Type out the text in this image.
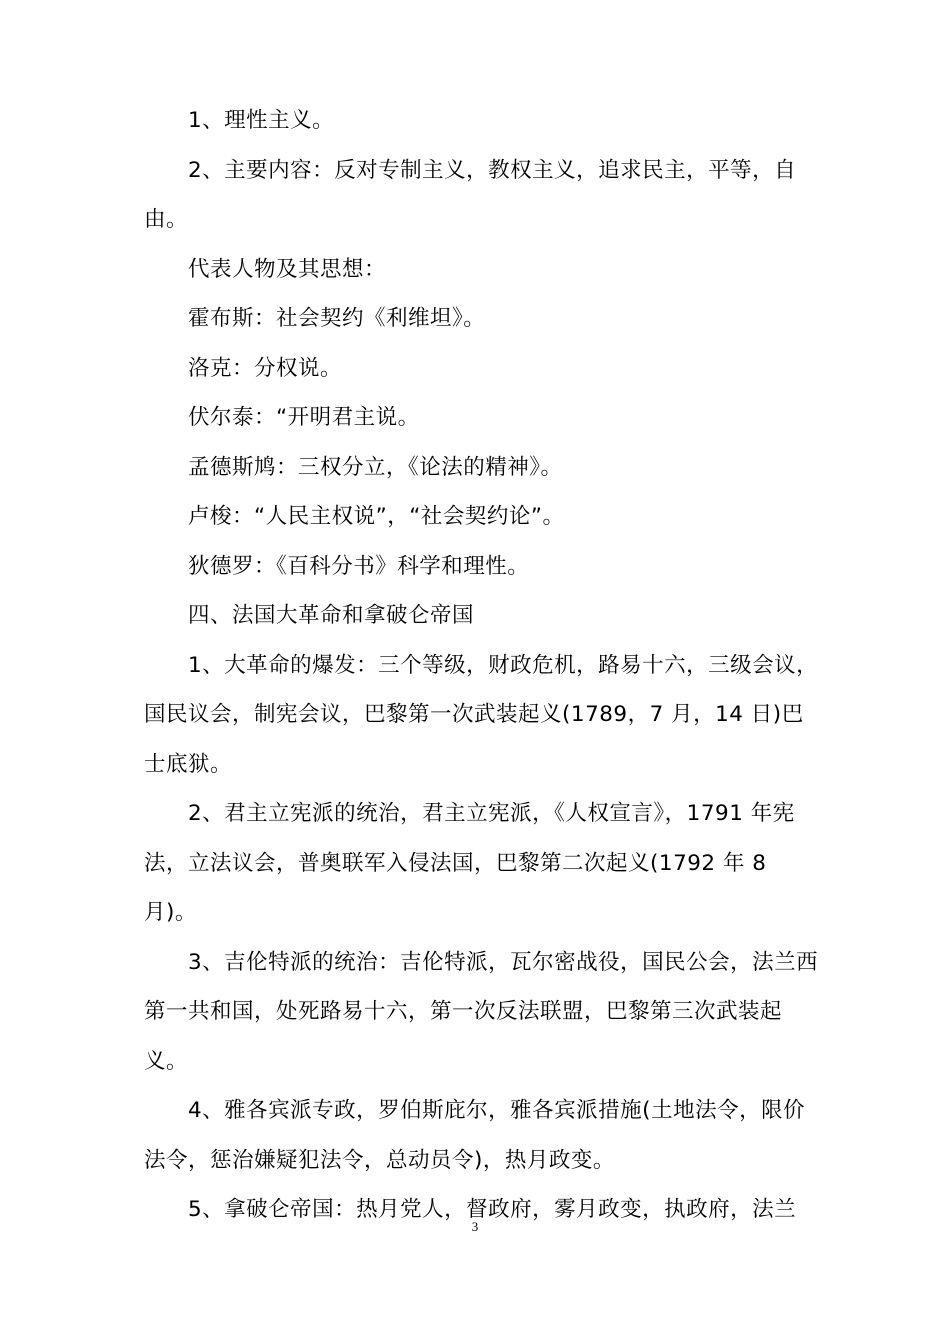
1、理性主义。

2、主要内容：反对专制主义，教权主义，追求民主，平等，自由。

代表人物及其思想：

霍布斯：社会契约《利维坦》。

洛克：分权说。

伏尔泰：“开明君主说。

孟德斯鸠：三权分立，《论法的精神》。

卢梭：“人民主权说”，“社会契约论”。

狄德罗：《百科分书》科学和理性。

四、法国大革命和拿破仑帝国

1、大革命的爆发：三个等级，财政危机，路易十六，三级会议，国民议会，制宪会议，巴黎第一次武装起义(1789，7 月，14 日)巴士底狱。

2、君主立宪派的统治，君主立宪派，《人权宣言》，1791 年宪法，立法议会，普奥联军入侵法国，巴黎第二次起义(1792 年 8 月)。

3、吉伦特派的统治：吉伦特派，瓦尔密战役，国民公会，法兰西第一共和国，处死路易十六，第一次反法联盟，巴黎第三次武装起义。

4、雅各宾派专政，罗伯斯庇尔，雅各宾派措施(土地法令，限价法令，惩治嫌疑犯法令，总动员令)，热月政变。

5、拿破仑帝国：热月党人，督政府，雾月政变，执政府，法兰

3
